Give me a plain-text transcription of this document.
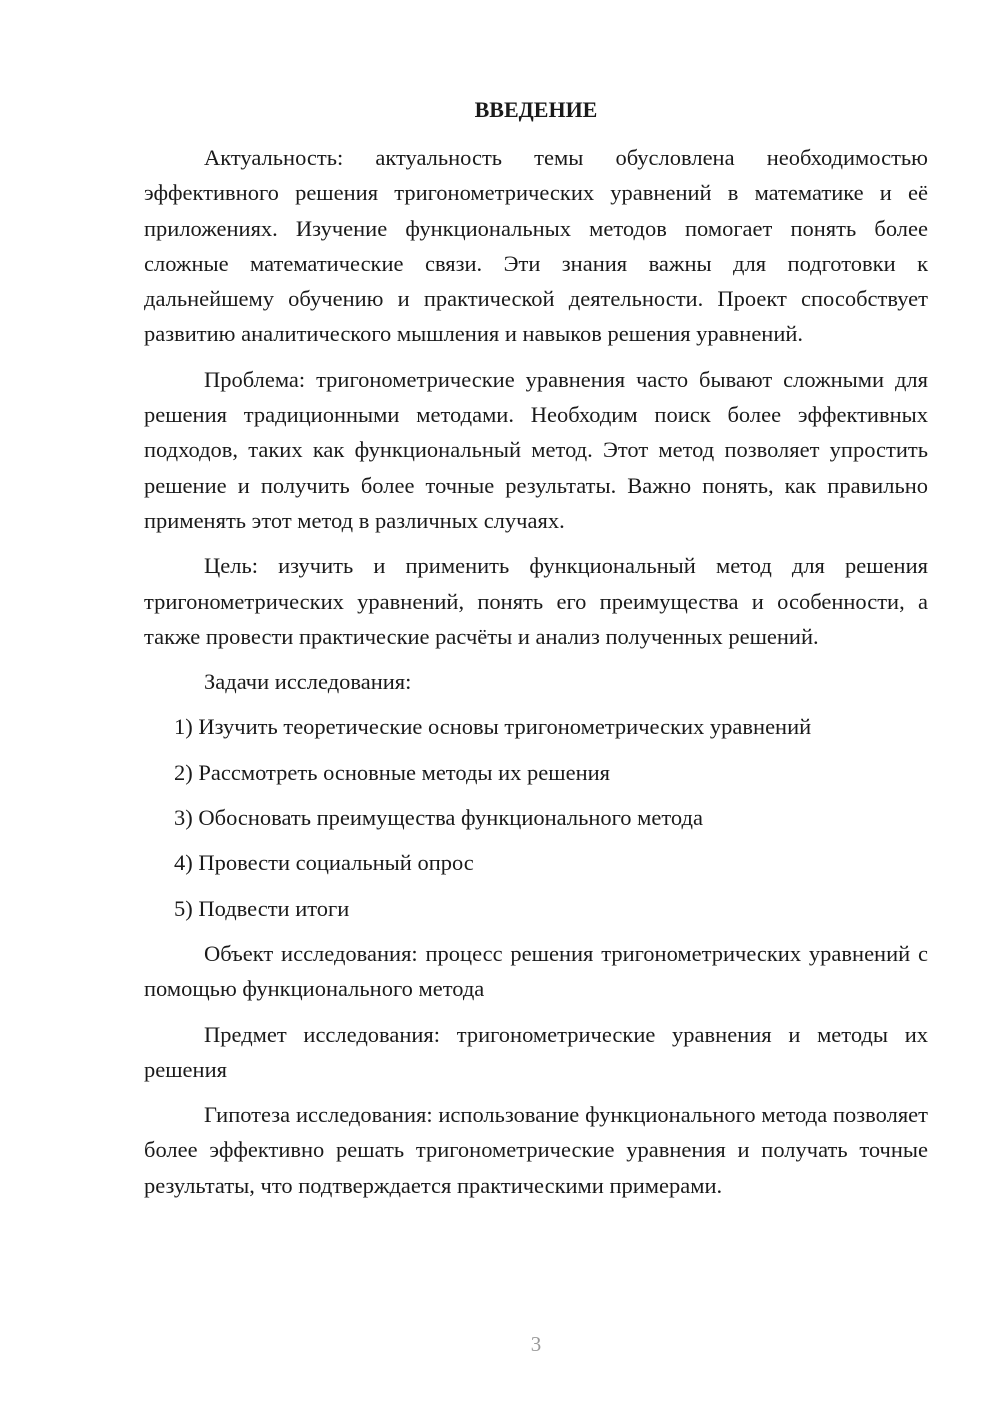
ВВЕДЕНИЕ

Актуальность: актуальность темы обусловлена необходимостью эффективного решения тригонометрических уравнений в математике и её приложениях. Изучение функциональных методов помогает понять более сложные математические связи. Эти знания важны для подготовки к дальнейшему обучению и практической деятельности. Проект способствует развитию аналитического мышления и навыков решения уравнений.

Проблема: тригонометрические уравнения часто бывают сложными для решения традиционными методами. Необходим поиск более эффективных подходов, таких как функциональный метод. Этот метод позволяет упростить решение и получить более точные результаты. Важно понять, как правильно применять этот метод в различных случаях.

Цель: изучить и применить функциональный метод для решения тригонометрических уравнений, понять его преимущества и особенности, а также провести практические расчёты и анализ полученных решений.

Задачи исследования:

1) Изучить теоретические основы тригонометрических уравнений
2) Рассмотреть основные методы их решения
3) Обосновать преимущества функционального метода
4) Провести социальный опрос
5) Подвести итоги

Объект исследования: процесс решения тригонометрических уравнений с помощью функционального метода

Предмет исследования: тригонометрические уравнения и методы их решения

Гипотеза исследования: использование функционального метода позволяет более эффективно решать тригонометрические уравнения и получать точные результаты, что подтверждается практическими примерами.

3
